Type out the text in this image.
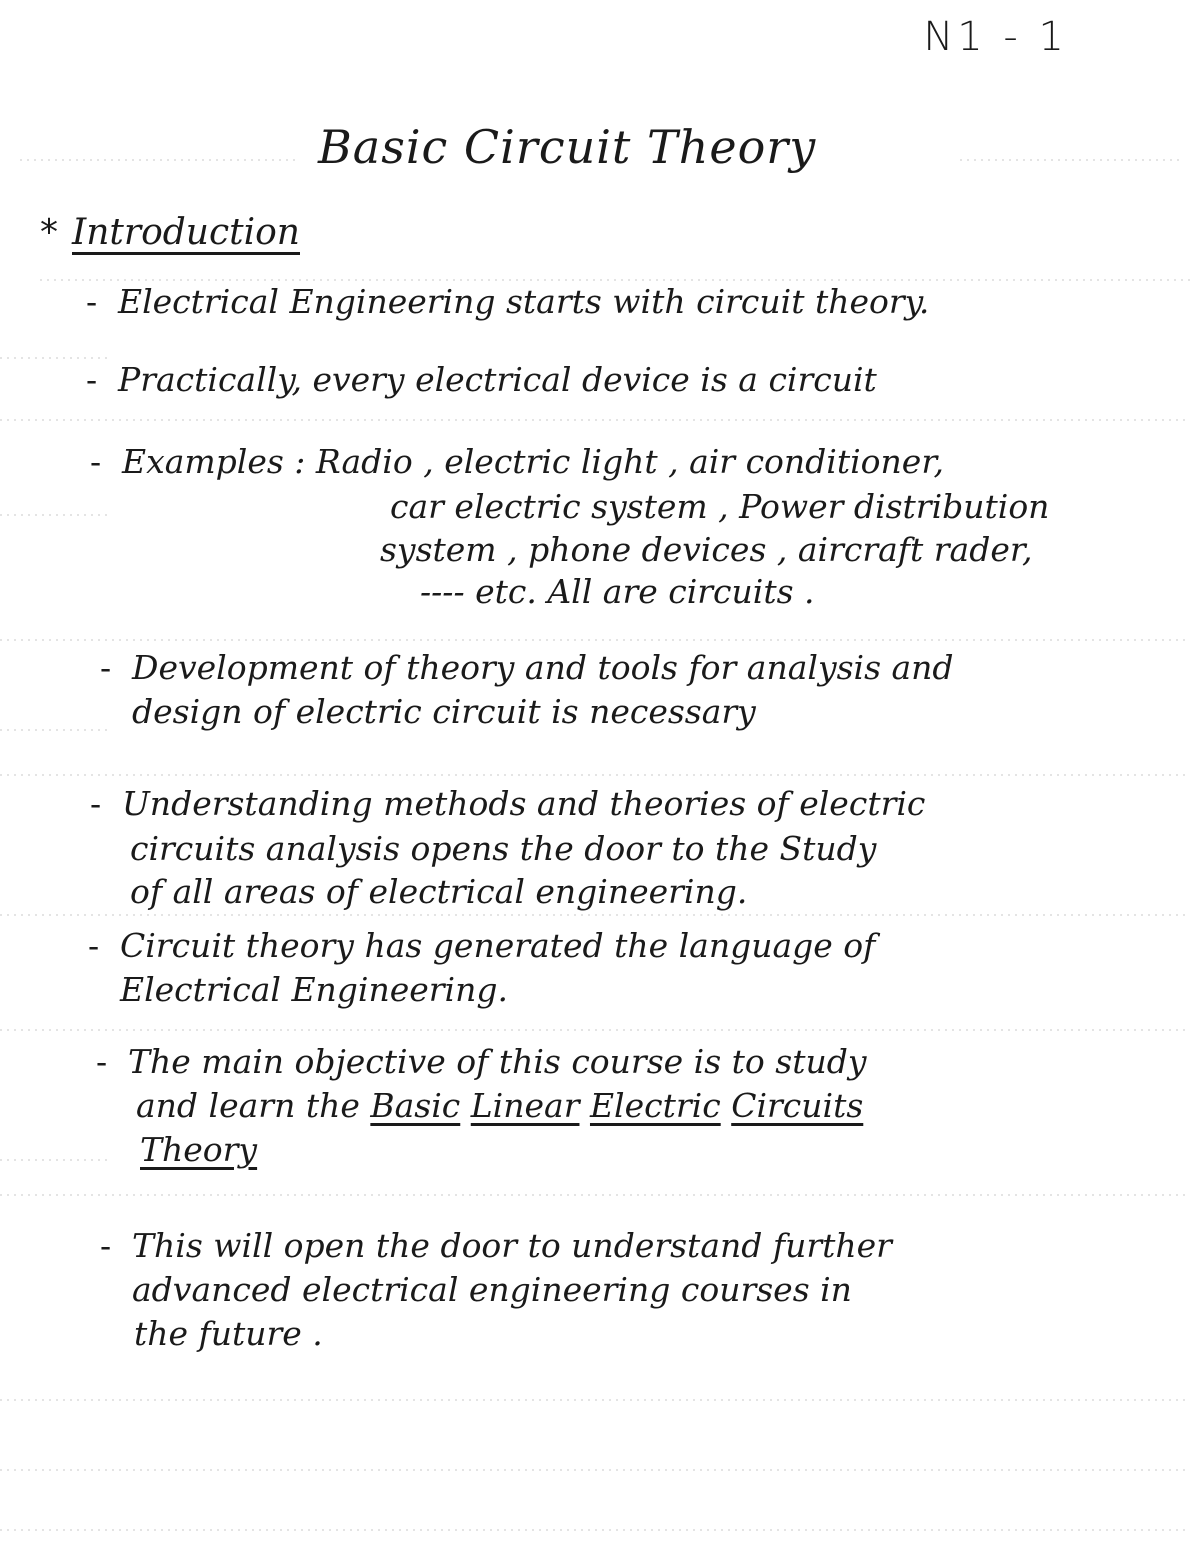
N1 - 1
Basic Circuit Theory
* Introduction
- Electrical Engineering starts with circuit theory.
- Practically, every electrical device is a circuit
- Examples : Radio , electric light , air conditioner,
car electric system , Power distribution
system , phone devices , aircraft rader,
---- etc. All are circuits .
- Development of theory and tools for analysis and
design of electric circuit is necessary
- Understanding methods and theories of electric
circuits analysis opens the door to the Study
of all areas of electrical engineering.
- Circuit theory has generated the language of
Electrical Engineering.
- The main objective of this course is to study
and learn the Basic Linear Electric Circuits
Theory
- This will open the door to understand further
advanced electrical engineering courses in
the future .
